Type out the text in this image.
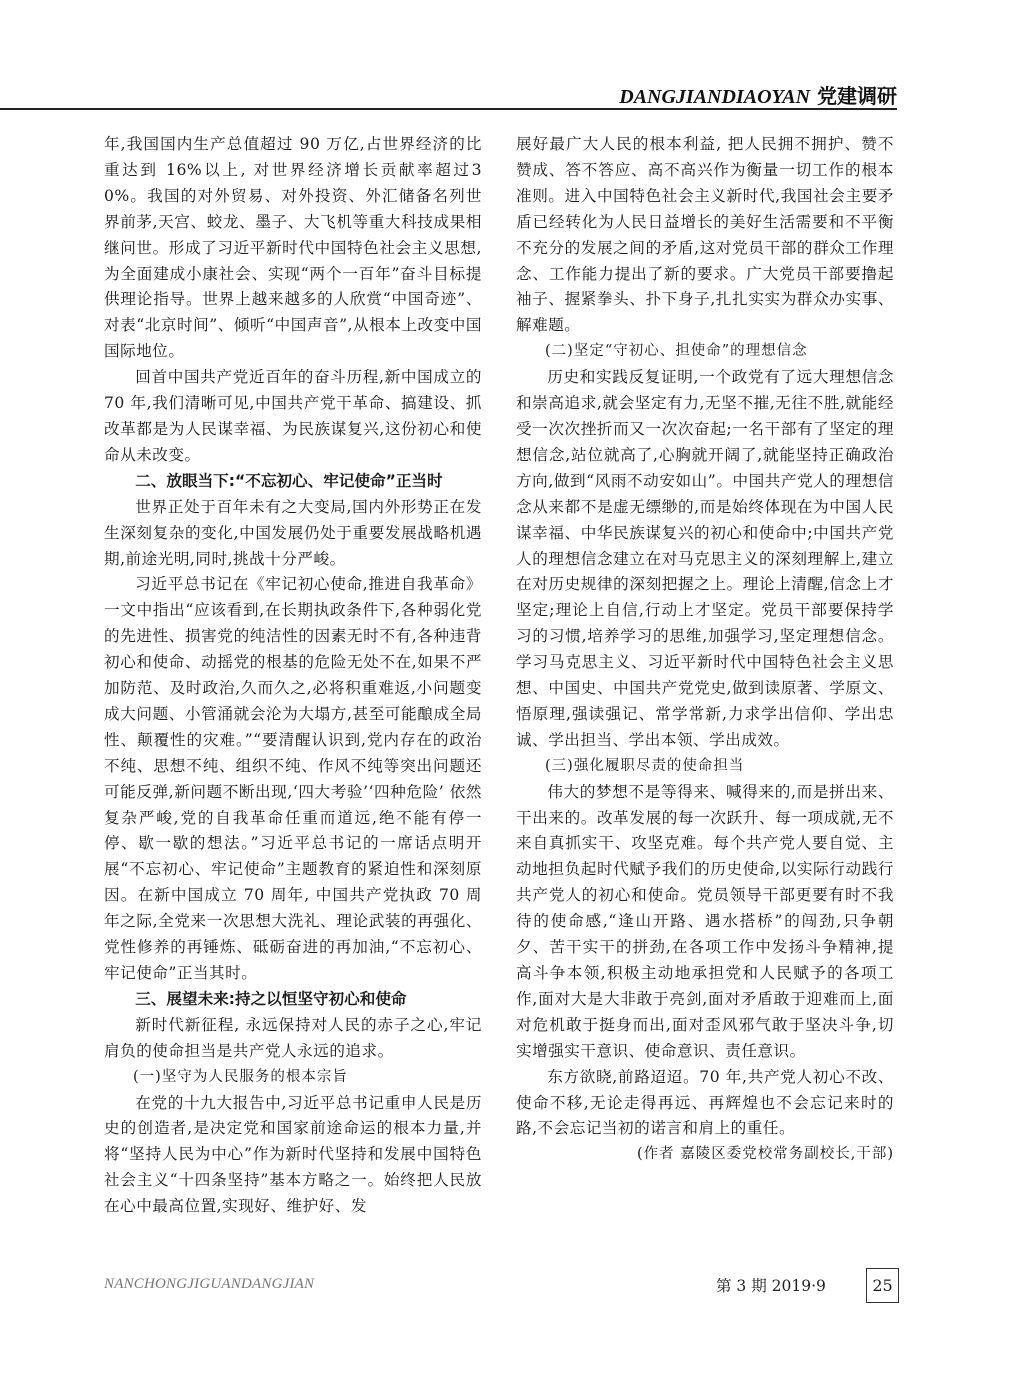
DANGJIANDIAOYAN 党建调研

年,我国国内生产总值超过 90 万亿,占世界经济的比重达到 16%以上, 对世界经济增长贡献率超过30%。我国的对外贸易、对外投资、外汇储备名列世界前茅,天宫、蛟龙、墨子、大飞机等重大科技成果相继问世。形成了习近平新时代中国特色社会主义思想,为全面建成小康社会、实现“两个一百年”奋斗目标提供理论指导。世界上越来越多的人欣赏“中国奇迹”、对表“北京时间”、倾听“中国声音”,从根本上改变中国国际地位。

回首中国共产党近百年的奋斗历程,新中国成立的 70 年,我们清晰可见,中国共产党干革命、搞建设、抓改革都是为人民谋幸福、为民族谋复兴,这份初心和使命从未改变。

二、放眼当下:“不忘初心、牢记使命”正当时

世界正处于百年未有之大变局,国内外形势正在发生深刻复杂的变化,中国发展仍处于重要发展战略机遇期,前途光明,同时,挑战十分严峻。

习近平总书记在《牢记初心使命,推进自我革命》一文中指出“应该看到,在长期执政条件下,各种弱化党的先进性、损害党的纯洁性的因素无时不有,各种违背初心和使命、动摇党的根基的危险无处不在,如果不严加防范、及时政治,久而久之,必将积重难返,小问题变成大问题、小管涌就会沦为大塌方,甚至可能酿成全局性、颠覆性的灾难。”“要清醒认识到,党内存在的政治不纯、思想不纯、组织不纯、作风不纯等突出问题还可能反弹,新问题不断出现,‘四大考验’‘四种危险’ 依然复杂严峻,党的自我革命任重而道远,绝不能有停一停、歇一歇的想法。”习近平总书记的一席话点明开展“不忘初心、牢记使命”主题教育的紧迫性和深刻原因。在新中国成立 70 周年, 中国共产党执政 70 周年之际,全党来一次思想大洗礼、理论武装的再强化、党性修养的再锤炼、砥砺奋进的再加油,“不忘初心、牢记使命”正当其时。

三、展望未来:持之以恒坚守初心和使命

新时代新征程, 永远保持对人民的赤子之心,牢记肩负的使命担当是共产党人永远的追求。

(一)坚守为人民服务的根本宗旨

在党的十九大报告中,习近平总书记重申人民是历史的创造者,是决定党和国家前途命运的根本力量,并将“坚持人民为中心”作为新时代坚持和发展中国特色社会主义“十四条坚持”基本方略之一。始终把人民放在心中最高位置,实现好、维护好、发

展好最广大人民的根本利益, 把人民拥不拥护、赞不赞成、答不答应、高不高兴作为衡量一切工作的根本准则。进入中国特色社会主义新时代,我国社会主要矛盾已经转化为人民日益增长的美好生活需要和不平衡不充分的发展之间的矛盾,这对党员干部的群众工作理念、工作能力提出了新的要求。广大党员干部要撸起袖子、握紧拳头、扑下身子,扎扎实实为群众办实事、解难题。

(二)坚定“守初心、担使命”的理想信念

历史和实践反复证明,一个政党有了远大理想信念和崇高追求,就会坚定有力,无坚不摧,无往不胜,就能经受一次次挫折而又一次次奋起;一名干部有了坚定的理想信念,站位就高了,心胸就开阔了,就能坚持正确政治方向,做到“风雨不动安如山”。中国共产党人的理想信念从来都不是虚无缥缈的,而是始终体现在为中国人民谋幸福、中华民族谋复兴的初心和使命中;中国共产党人的理想信念建立在对马克思主义的深刻理解上,建立在对历史规律的深刻把握之上。理论上清醒,信念上才坚定;理论上自信,行动上才坚定。党员干部要保持学习的习惯,培养学习的思维,加强学习,坚定理想信念。学习马克思主义、习近平新时代中国特色社会主义思想、中国史、中国共产党党史,做到读原著、学原文、悟原理,强读强记、常学常新,力求学出信仰、学出忠诚、学出担当、学出本领、学出成效。

(三)强化履职尽责的使命担当

伟大的梦想不是等得来、喊得来的,而是拼出来、干出来的。改革发展的每一次跃升、每一项成就,无不来自真抓实干、攻坚克难。每个共产党人要自觉、主动地担负起时代赋予我们的历史使命,以实际行动践行共产党人的初心和使命。党员领导干部更要有时不我待的使命感,“逢山开路、遇水搭桥”的闯劲,只争朝夕、苦干实干的拼劲,在各项工作中发扬斗争精神,提高斗争本领,积极主动地承担党和人民赋予的各项工作,面对大是大非敢于亮剑,面对矛盾敢于迎难而上,面对危机敢于挺身而出,面对歪风邪气敢于坚决斗争,切实增强实干意识、使命意识、责任意识。

东方欲晓,前路迢迢。70 年,共产党人初心不改、使命不移,无论走得再远、再辉煌也不会忘记来时的路,不会忘记当初的诺言和肩上的重任。

(作者 嘉陵区委党校常务副校长,干部)

NANCHONGJIGUANDANGJIAN	第 3 期 2019·9	25
